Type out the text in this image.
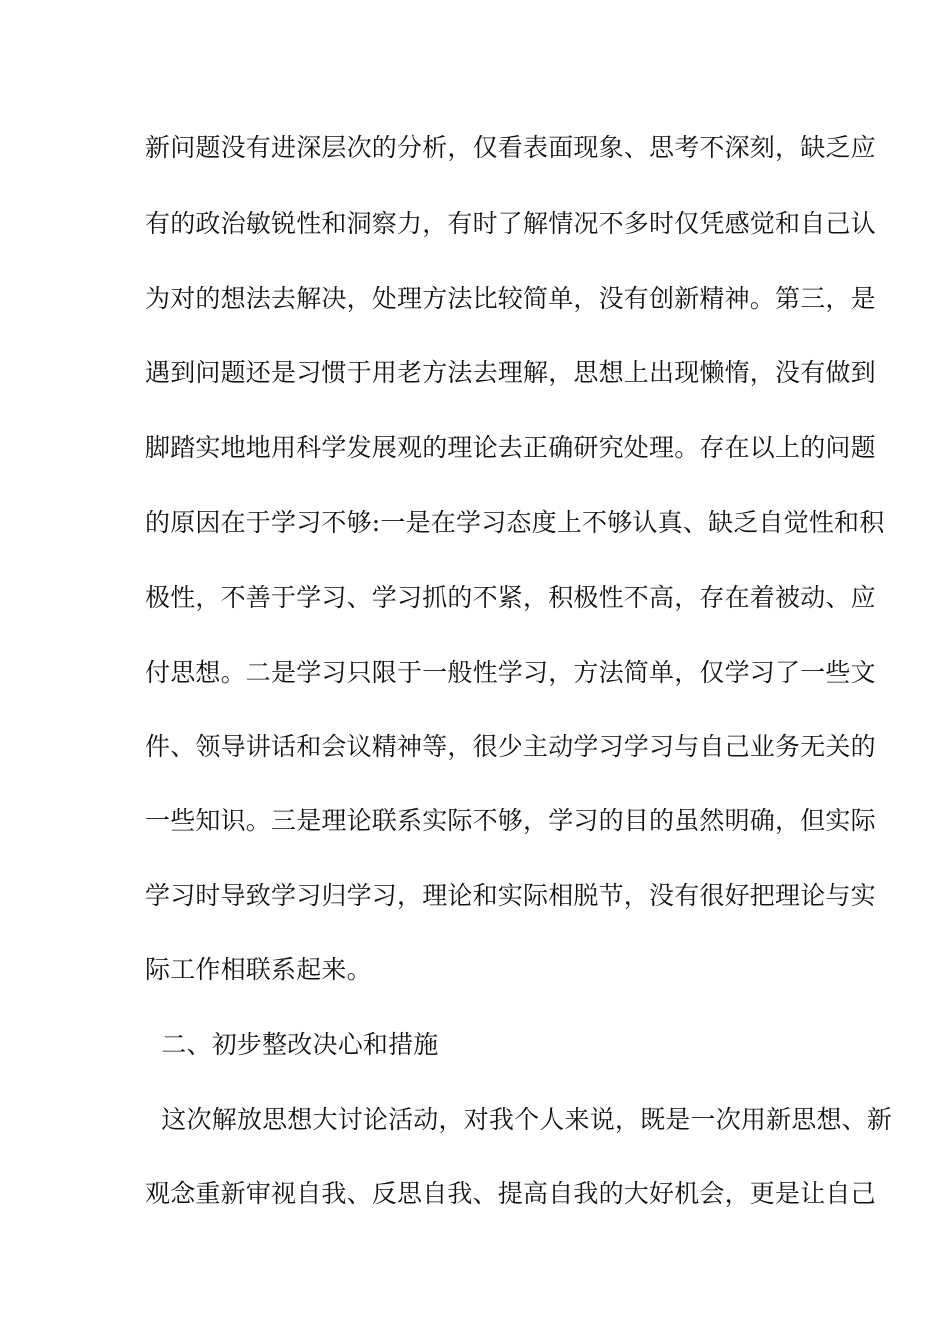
新问题没有进深层次的分析，仅看表面现象、思考不深刻，缺乏应
有的政治敏锐性和洞察力，有时了解情况不多时仅凭感觉和自己认
为对的想法去解决，处理方法比较简单，没有创新精神。第三，是
遇到问题还是习惯于用老方法去理解，思想上出现懒惰，没有做到
脚踏实地地用科学发展观的理论去正确研究处理。存在以上的问题
的原因在于学习不够:一是在学习态度上不够认真、缺乏自觉性和积
极性，不善于学习、学习抓的不紧，积极性不高，存在着被动、应
付思想。二是学习只限于一般性学习，方法简单，仅学习了一些文
件、领导讲话和会议精神等，很少主动学习学习与自己业务无关的
一些知识。三是理论联系实际不够，学习的目的虽然明确，但实际
学习时导致学习归学习，理论和实际相脱节，没有很好把理论与实
际工作相联系起来。
二、初步整改决心和措施
这次解放思想大讨论活动，对我个人来说，既是一次用新思想、新
观念重新审视自我、反思自我、提高自我的大好机会，更是让自己
